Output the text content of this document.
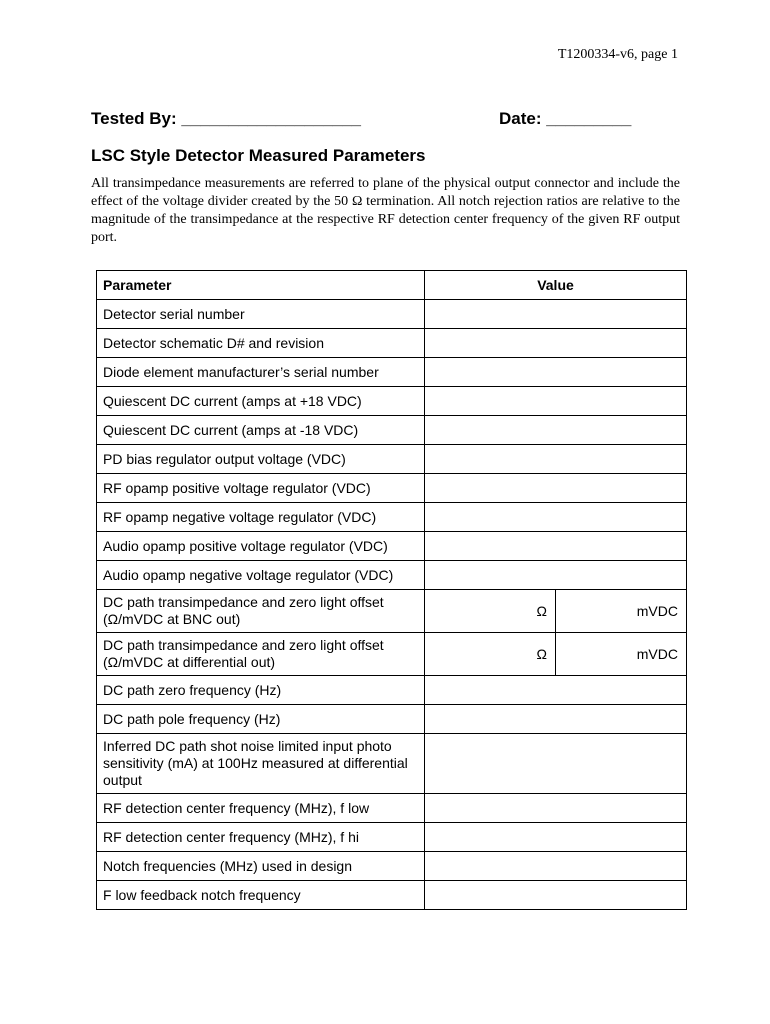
T1200334-v6, page 1
Tested By: ___________________	Date: _________
LSC Style Detector Measured Parameters
All transimpedance measurements are referred to plane of the physical output connector and include the effect of the voltage divider created by the 50 Ω termination. All notch rejection ratios are relative to the magnitude of the transimpedance at the respective RF detection center frequency of the given RF output port.
Parameter	Value	
Detector serial number		
Detector schematic D# and revision		
Diode element manufacturer’s serial number		
Quiescent DC current (amps at +18 VDC)		
Quiescent DC current (amps at -18 VDC)		
PD bias regulator output voltage (VDC)		
RF opamp positive voltage regulator (VDC)		
RF opamp negative voltage regulator (VDC)		
Audio opamp positive voltage regulator (VDC)		
Audio opamp negative voltage regulator (VDC)		
DC path transimpedance and zero light offset (Ω/mVDC at BNC out)	Ω	mVDC
DC path transimpedance and zero light offset (Ω/mVDC at differential out)	Ω	mVDC
DC path zero frequency (Hz)		
DC path pole frequency (Hz)		
Inferred DC path shot noise limited input photo sensitivity (mA) at 100Hz measured at differential output		
RF detection center frequency (MHz), f low		
RF detection center frequency (MHz), f hi		
Notch frequencies (MHz) used in design		
F low feedback notch frequency		
